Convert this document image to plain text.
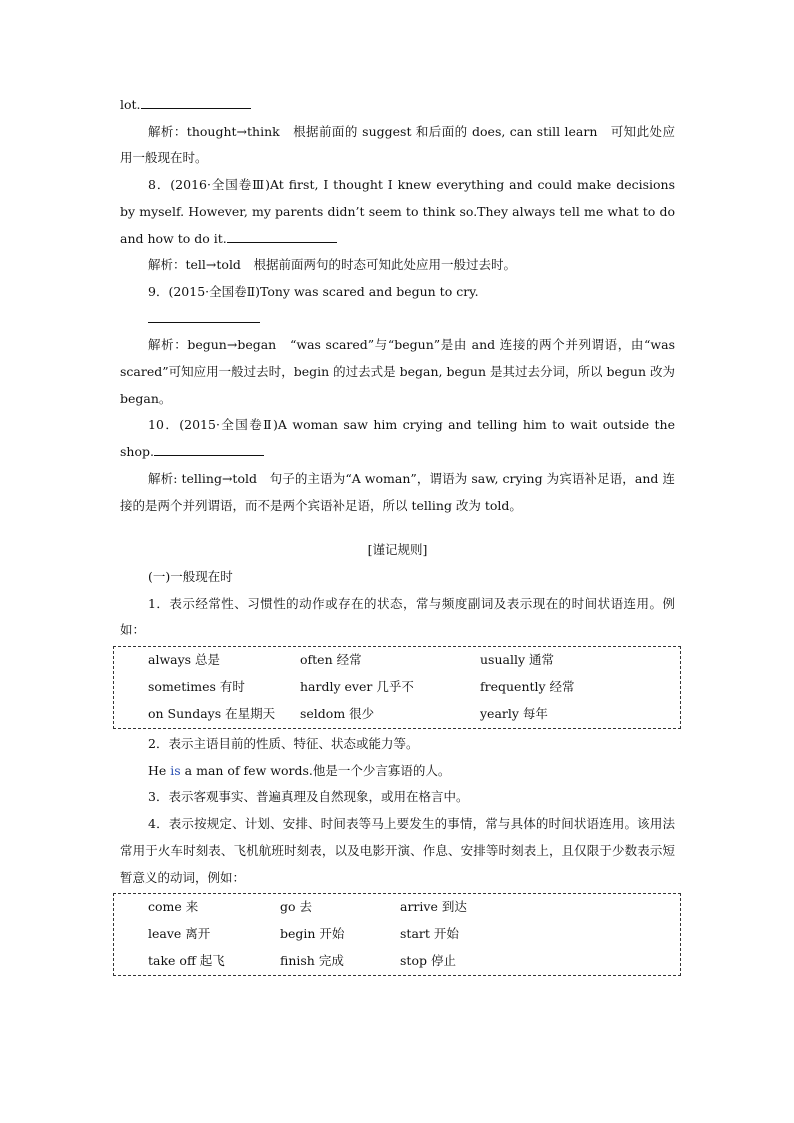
lot.

解析：thought→think　根据前面的 suggest 和后面的 does, can still learn　可知此处应用一般现在时。

8．(2016·全国卷Ⅲ)At first, I thought I knew everything and could make decisions by myself. However, my parents didn’t seem to think so.They always tell me what to do and how to do it.

解析：tell→told　根据前面两句的时态可知此处应用一般过去时。

9．(2015·全国卷Ⅱ)Tony was scared and begun to cry.

解析：begun→began　“was scared”与“begun”是由 and 连接的两个并列谓语，由“was scared”可知应用一般过去时，begin 的过去式是 began, begun 是其过去分词，所以 begun 改为 began。

10．(2015·全国卷Ⅱ)A woman saw him crying and telling him to wait outside the shop.

解析: telling→told　句子的主语为“A woman”，谓语为 saw, crying 为宾语补足语，and 连接的是两个并列谓语，而不是两个宾语补足语，所以 telling 改为 told。

[谨记规则]

(一)一般现在时

1．表示经常性、习惯性的动作或存在的状态，常与频度副词及表示现在的时间状语连用。例如：

always 总是	often 经常	usually 通常
sometimes 有时	hardly ever 几乎不	frequently 经常
on Sundays 在星期天	seldom 很少	yearly 每年

2．表示主语目前的性质、特征、状态或能力等。

He is a man of few words.他是一个少言寡语的人。

3．表示客观事实、普遍真理及自然现象，或用在格言中。

4．表示按规定、计划、安排、时间表等马上要发生的事情，常与具体的时间状语连用。该用法常用于火车时刻表、飞机航班时刻表，以及电影开演、作息、安排等时刻表上，且仅限于少数表示短暂意义的动词，例如：

come 来	go 去	arrive 到达
leave 离开	begin 开始	start 开始
take off 起飞	finish 完成	stop 停止
